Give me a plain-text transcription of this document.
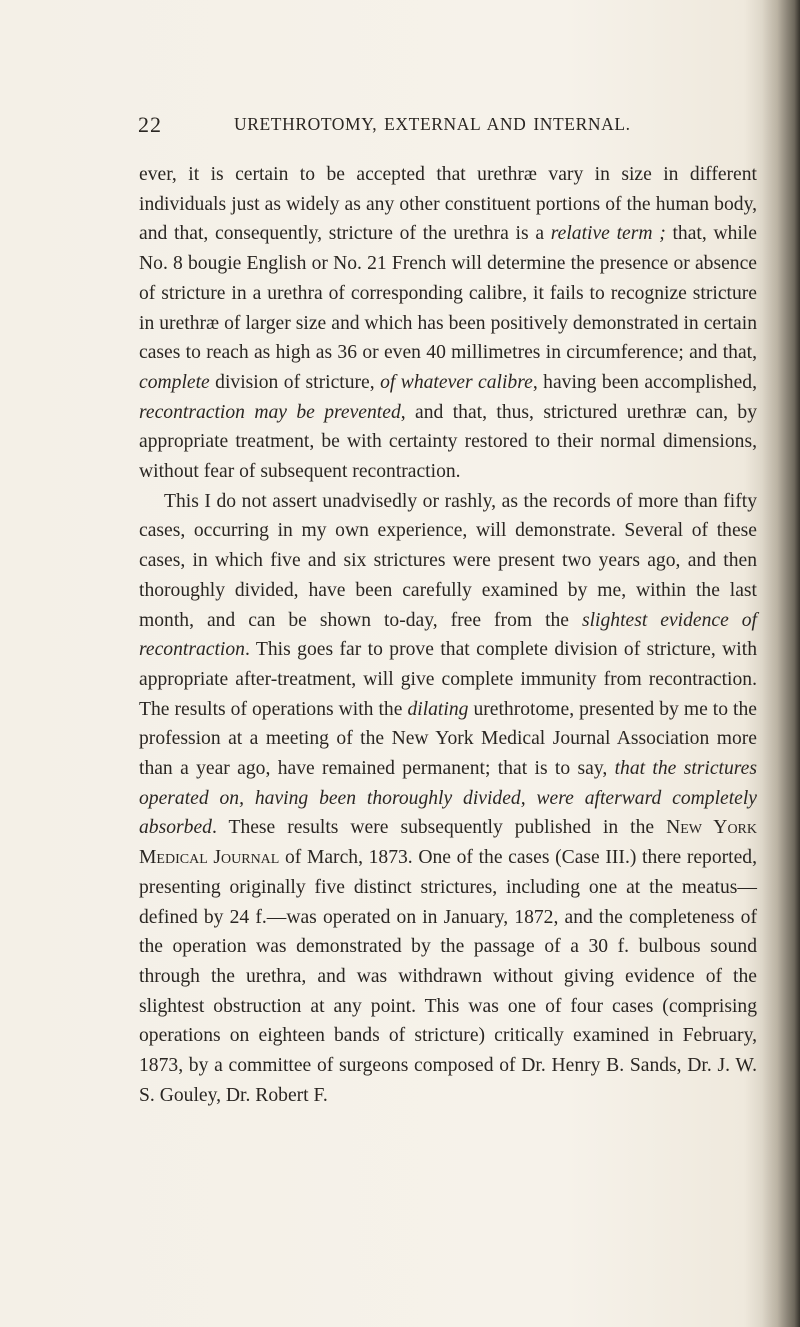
22	URETHROTOMY, EXTERNAL AND INTERNAL.

ever, it is certain to be accepted that urethræ vary in size in different individuals just as widely as any other constituent portions of the human body, and that, consequently, stricture of the urethra is a relative term ; that, while No. 8 bougie English or No. 21 French will determine the presence or absence of stricture in a urethra of corresponding calibre, it fails to recognize stricture in urethræ of larger size and which has been positively demonstrated in certain cases to reach as high as 36 or even 40 millimetres in circumference; and that, complete division of stricture, of whatever calibre, having been accomplished, recontraction may be prevented, and that, thus, strictured urethræ can, by appropriate treatment, be with certainty restored to their normal dimensions, without fear of subsequent recontraction.

This I do not assert unadvisedly or rashly, as the records of more than fifty cases, occurring in my own experience, will demonstrate. Several of these cases, in which five and six strictures were present two years ago, and then thoroughly divided, have been carefully examined by me, within the last month, and can be shown to-day, free from the slightest evidence of recontraction. This goes far to prove that complete division of stricture, with appropriate after-treatment, will give complete immunity from recontraction. The results of operations with the dilating urethrotome, presented by me to the profession at a meeting of the New York Medical Journal Association more than a year ago, have remained permanent; that is to say, that the strictures operated on, having been thoroughly divided, were afterward completely absorbed. These results were subsequently published in the New York Medical Journal of March, 1873. One of the cases (Case III.) there reported, presenting originally five distinct strictures, including one at the meatus—defined by 24 f.—was operated on in January, 1872, and the completeness of the operation was demonstrated by the passage of a 30 f. bulbous sound through the urethra, and was withdrawn without giving evidence of the slightest obstruction at any point. This was one of four cases (comprising operations on eighteen bands of stricture) critically examined in February, 1873, by a committee of surgeons composed of Dr. Henry B. Sands, Dr. J. W. S. Gouley, Dr. Robert F.
